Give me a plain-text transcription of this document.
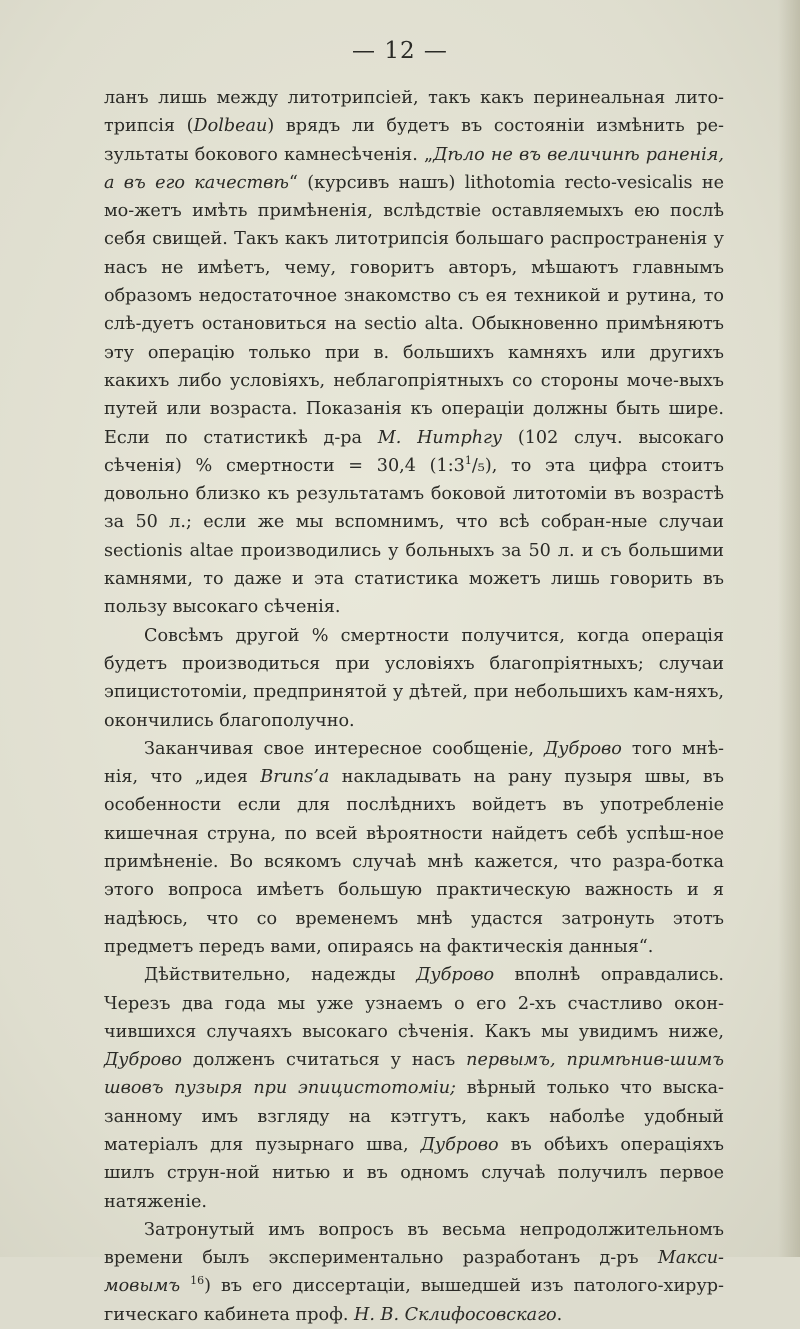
— 12 —

ланъ лишь между литотрипсіей, такъ какъ перинеальная лито-трипсія (Dolbeau) врядъ ли будетъ въ состояніи измѣнить ре-зультаты бокового камнесѣченія. „Дѣло не въ величинѣ раненія, а въ его качествѣ“ (курсивъ нашъ) lithotomia recto-vesicalis не мо-жетъ имѣть примѣненія, вслѣдствіе оставляемыхъ ею послѣ себя свищей. Такъ какъ литотрипсія большаго распространенія у насъ не имѣетъ, чему, говоритъ авторъ, мѣшаютъ главнымъ образомъ недостаточное знакомство съ ея техникой и рутина, то слѣ-дуетъ остановиться на sectio alta. Обыкновенно примѣняютъ эту операцію только при в. большихъ камняхъ или другихъ какихъ либо условіяхъ, неблагопріятныхъ со стороны моче-выхъ путей или возраста. Показанія къ операціи должны быть шире. Если по статистикѣ д-ра М. Нитрhгу (102 случ. высокаго сѣченія) % смертности = 30,4 $(1:3^1/_5)$, то эта цифра стоитъ довольно близко къ результатамъ боковой литотоміи въ возрастѣ за 50 л.; если же мы вспомнимъ, что всѣ собран-ные случаи sectionis altae производились у больныхъ за 50 л. и съ большими камнями, то даже и эта статистика можетъ лишь говорить въ пользу высокаго сѣченія.

Совсѣмъ другой % смертности получится, когда операція будетъ производиться при условіяхъ благопріятныхъ; случаи эпицистотоміи, предпринятой у дѣтей, при небольшихъ кам-няхъ, окончились благополучно.

Заканчивая свое интересное сообщеніе, Дуброво того мнѣ-нія, что „идея Вrunѕ’а накладывать на рану пузыря швы, въ особенности если для послѣднихъ войдетъ въ употребленіе кишечная струна, по всей вѣроятности найдетъ себѣ успѣш-ное примѣненіе. Во всякомъ случаѣ мнѣ кажется, что разра-ботка этого вопроса имѣетъ большую практическую важность и я надѣюсь, что со временемъ мнѣ удастся затронуть этотъ предметъ передъ вами, опираясь на фактическія данныя“.

Дѣйствительно, надежды Дуброво вполнѣ оправдались. Черезъ два года мы уже узнаемъ о его 2-хъ счастливо окон-чившихся случаяхъ высокаго сѣченія. Какъ мы увидимъ ниже, Дуброво долженъ считаться у насъ первымъ, примѣнив-шимъ швовъ пузыря при эпицистотоміи; вѣрный только что выска-занному имъ взгляду на кэтгутъ, какъ наболѣе удобный матеріалъ для пузырнаго шва, Дуброво въ обѣихъ операціяхъ шилъ струн-ной нитью и въ одномъ случаѣ получилъ первое натяженіе.

Затронутый имъ вопросъ въ весьма непродолжительномъ времени былъ экспериментально разработанъ д-ръ Макси-мовымъ $^{16}$) въ его диссертаціи, вышедшей изъ патолого-хирур-гическаго кабинета проф. Н. В. Склифосовскаго.
